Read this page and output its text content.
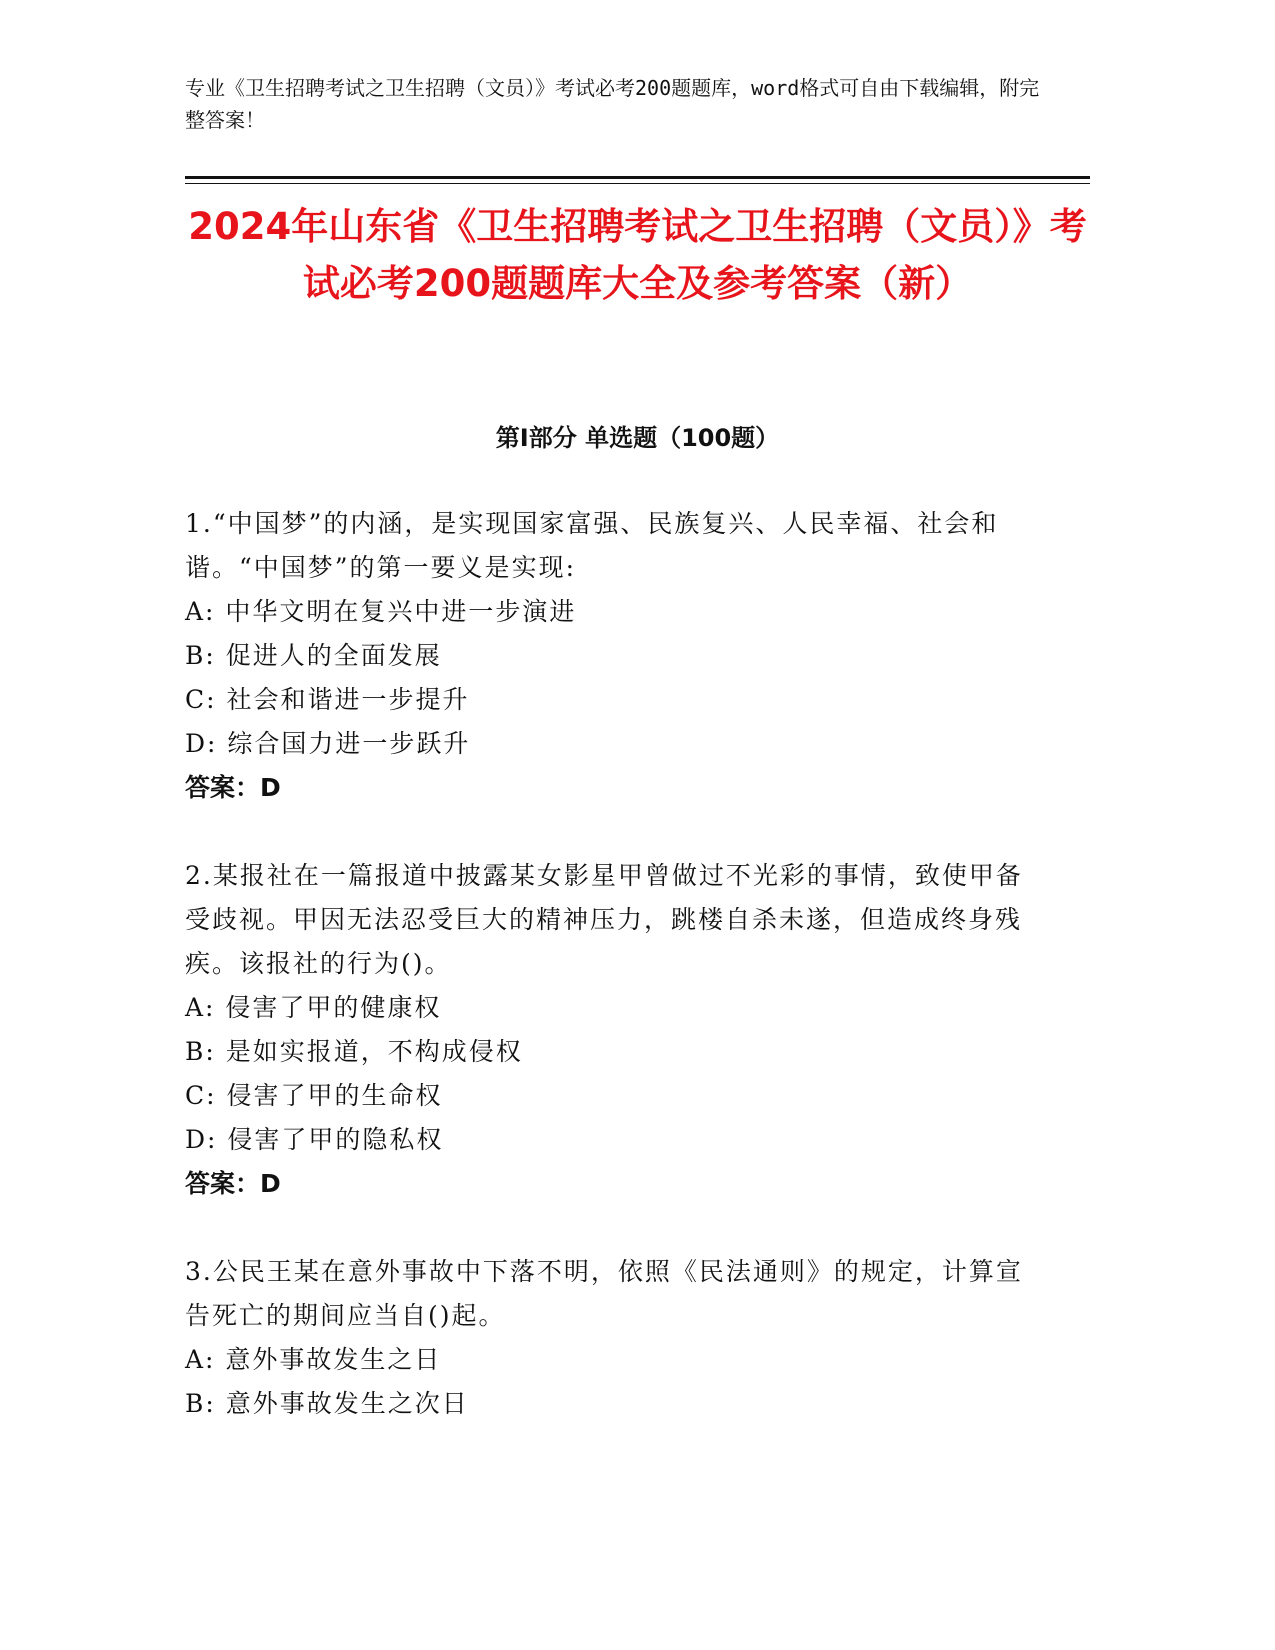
专业《卫生招聘考试之卫生招聘（文员）》考试必考200题题库，word格式可自由下载编辑，附完整答案！
2024年山东省《卫生招聘考试之卫生招聘（文员）》考试必考200题题库大全及参考答案（新）
第I部分 单选题（100题）
1.“中国梦”的内涵，是实现国家富强、民族复兴、人民幸福、社会和谐。“中国梦”的第一要义是实现:
A: 中华文明在复兴中进一步演进
B: 促进人的全面发展
C: 社会和谐进一步提升
D: 综合国力进一步跃升
答案：D
2.某报社在一篇报道中披露某女影星甲曾做过不光彩的事情，致使甲备受歧视。甲因无法忍受巨大的精神压力，跳楼自杀未遂，但造成终身残疾。该报社的行为()。
A: 侵害了甲的健康权
B: 是如实报道，不构成侵权
C: 侵害了甲的生命权
D: 侵害了甲的隐私权
答案：D
3.公民王某在意外事故中下落不明，依照《民法通则》的规定，计算宣告死亡的期间应当自()起。
A: 意外事故发生之日
B: 意外事故发生之次日
